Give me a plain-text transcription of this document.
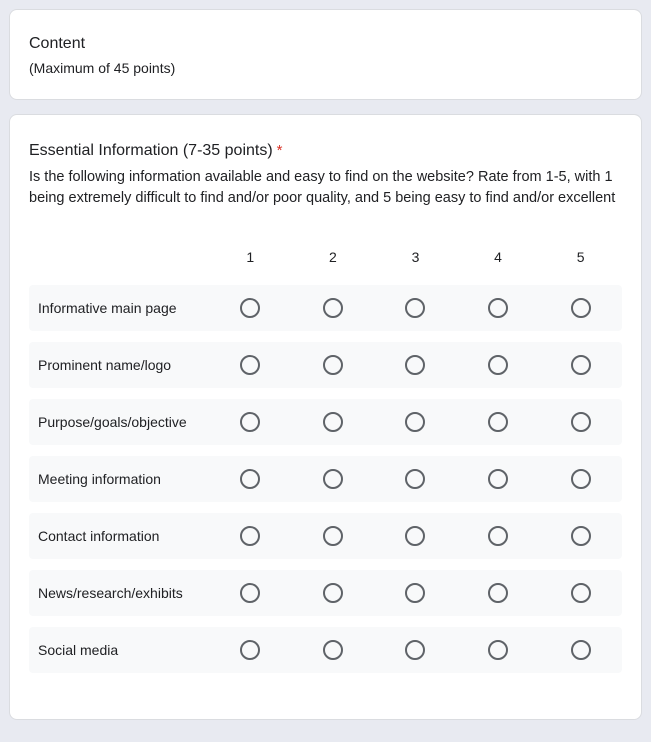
Content
(Maximum of 45 points)
Essential Information (7-35 points) *
Is the following information available and easy to find on the website? Rate from 1-5, with 1 being extremely difficult to find and/or poor quality, and 5 being easy to find and/or excellent
1	2	3	4	5
Informative main page
Prominent name/logo
Purpose/goals/objective
Meeting information
Contact information
News/research/exhibits
Social media
